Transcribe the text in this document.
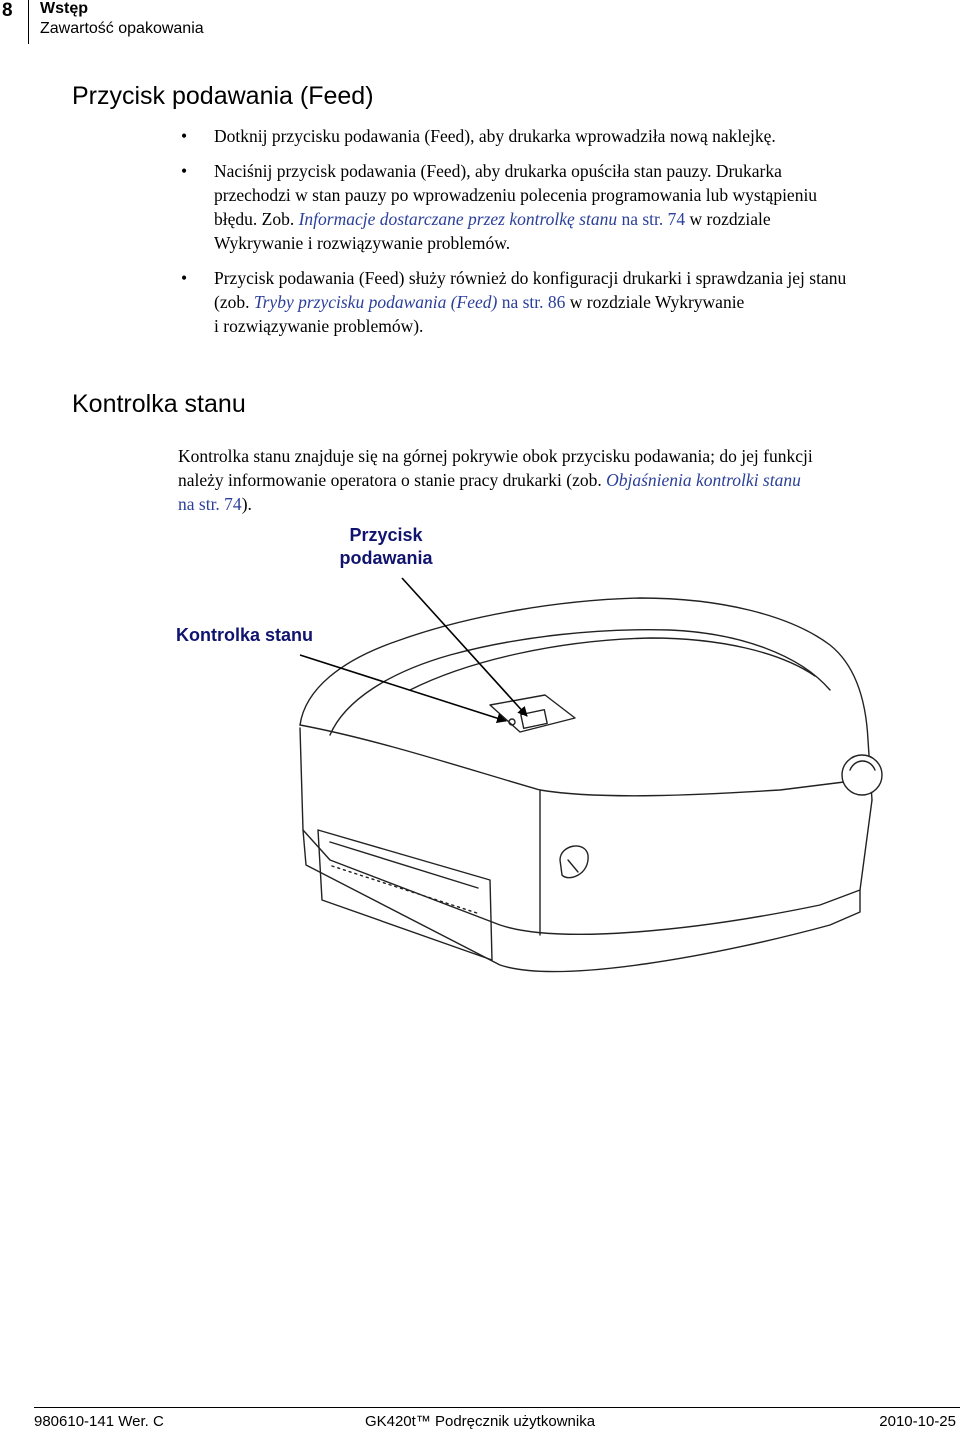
8 Wstęp
Zawartość opakowania
Przycisk podawania (Feed)
• Dotknij przycisku podawania (Feed), aby drukarka wprowadziła nową naklejkę.
• Naciśnij przycisk podawania (Feed), aby drukarka opuściła stan pauzy. Drukarka
przechodzi w stan pauzy po wprowadzeniu polecenia programowania lub wystąpieniu
błędu. Zob. Informacje dostarczane przez kontrolkę stanu na str. 74 w rozdziale
Wykrywanie i rozwiązywanie problemów.
• Przycisk podawania (Feed) służy również do konfiguracji drukarki i sprawdzania jej stanu
(zob. Tryby przycisku podawania (Feed) na str. 86 w rozdziale Wykrywanie
i rozwiązywanie problemów).
Kontrolka stanu
Kontrolka stanu znajduje się na górnej pokrywie obok przycisku podawania; do jej funkcji
należy informowanie operatora o stanie pracy drukarki (zob. Objaśnienia kontrolki stanu
na str. 74).
Przycisk
podawania
Kontrolka stanu
980610-141 Wer. C	GK420t™ Podręcznik użytkownika	2010-10-25
